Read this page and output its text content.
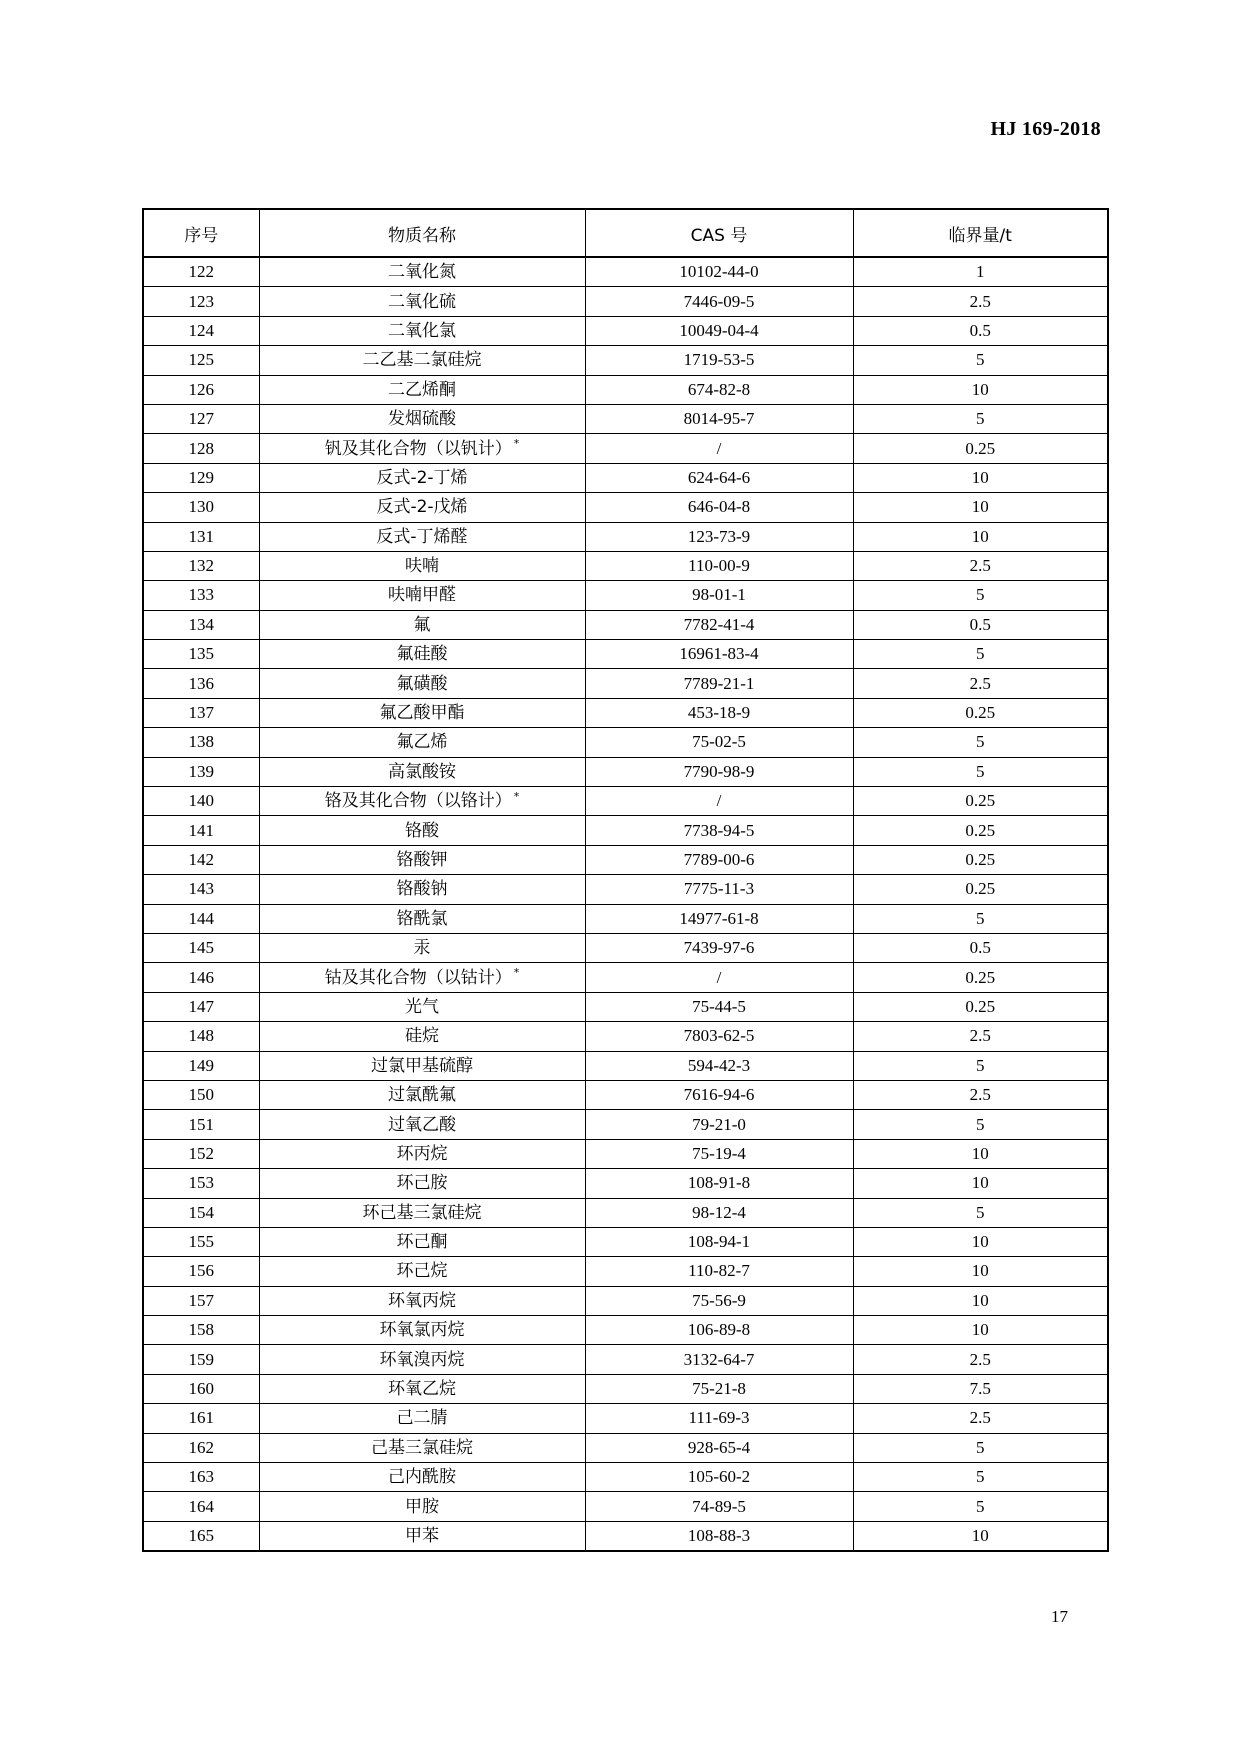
HJ 169-2018
序号	物质名称	CAS 号	临界量/t
122	二氧化氮	10102-44-0	1
123	二氧化硫	7446-09-5	2.5
124	二氧化氯	10049-04-4	0.5
125	二乙基二氯硅烷	1719-53-5	5
126	二乙烯酮	674-82-8	10
127	发烟硫酸	8014-95-7	5
128	钒及其化合物（以钒计） *	/	0.25
129	反式-2-丁烯	624-64-6	10
130	反式-2-戊烯	646-04-8	10
131	反式-丁烯醛	123-73-9	10
132	呋喃	110-00-9	2.5
133	呋喃甲醛	98-01-1	5
134	氟	7782-41-4	0.5
135	氟硅酸	16961-83-4	5
136	氟磺酸	7789-21-1	2.5
137	氟乙酸甲酯	453-18-9	0.25
138	氟乙烯	75-02-5	5
139	高氯酸铵	7790-98-9	5
140	铬及其化合物（以铬计） *	/	0.25
141	铬酸	7738-94-5	0.25
142	铬酸钾	7789-00-6	0.25
143	铬酸钠	7775-11-3	0.25
144	铬酰氯	14977-61-8	5
145	汞	7439-97-6	0.5
146	钴及其化合物（以钴计） *	/	0.25
147	光气	75-44-5	0.25
148	硅烷	7803-62-5	2.5
149	过氯甲基硫醇	594-42-3	5
150	过氯酰氟	7616-94-6	2.5
151	过氧乙酸	79-21-0	5
152	环丙烷	75-19-4	10
153	环己胺	108-91-8	10
154	环己基三氯硅烷	98-12-4	5
155	环己酮	108-94-1	10
156	环己烷	110-82-7	10
157	环氧丙烷	75-56-9	10
158	环氧氯丙烷	106-89-8	10
159	环氧溴丙烷	3132-64-7	2.5
160	环氧乙烷	75-21-8	7.5
161	己二腈	111-69-3	2.5
162	己基三氯硅烷	928-65-4	5
163	己内酰胺	105-60-2	5
164	甲胺	74-89-5	5
165	甲苯	108-88-3	10
17
